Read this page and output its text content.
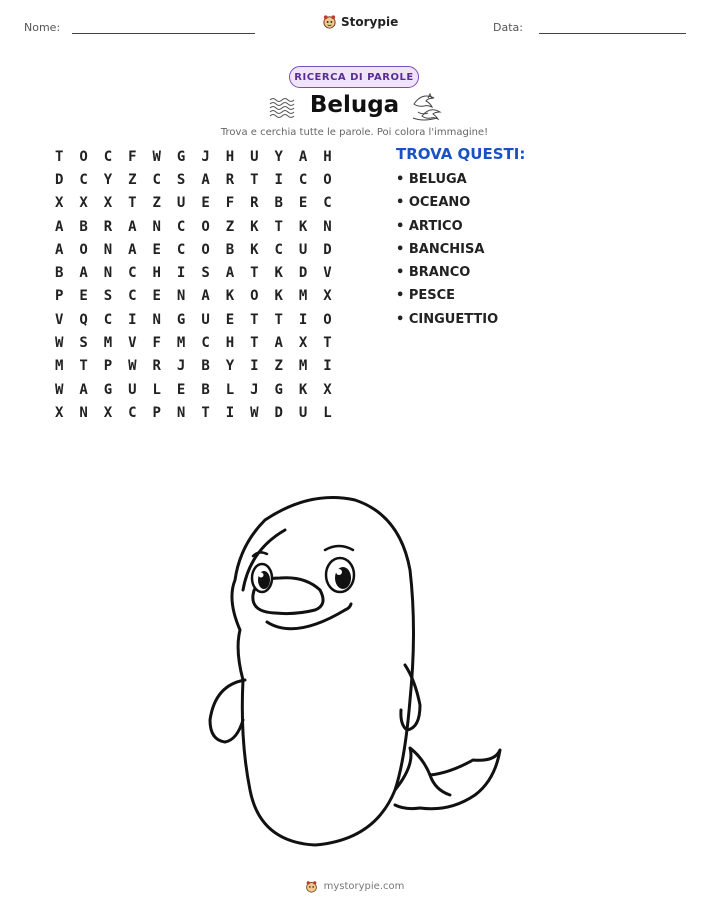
Nome:	Storypie	Data:
RICERCA DI PAROLE
Beluga
Trova e cerchia tutte le parole. Poi colora l'immagine!
T	O	C	F	W	G	J	H	U	Y	A	H
D	C	Y	Z	C	S	A	R	T	I	C	O
X	X	X	T	Z	U	E	F	R	B	E	C
A	B	R	A	N	C	O	Z	K	T	K	N
A	O	N	A	E	C	O	B	K	C	U	D
B	A	N	C	H	I	S	A	T	K	D	V
P	E	S	C	E	N	A	K	O	K	M	X
V	Q	C	I	N	G	U	E	T	T	I	O
W	S	M	V	F	M	C	H	T	A	X	T
M	T	P	W	R	J	B	Y	I	Z	M	I
W	A	G	U	L	E	B	L	J	G	K	X
X	N	X	C	P	N	T	I	W	D	U	L
TROVA QUESTI:
• BELUGA
• OCEANO
• ARTICO
• BANCHISA
• BRANCO
• PESCE
• CINGUETTIO
mystorypie.com
